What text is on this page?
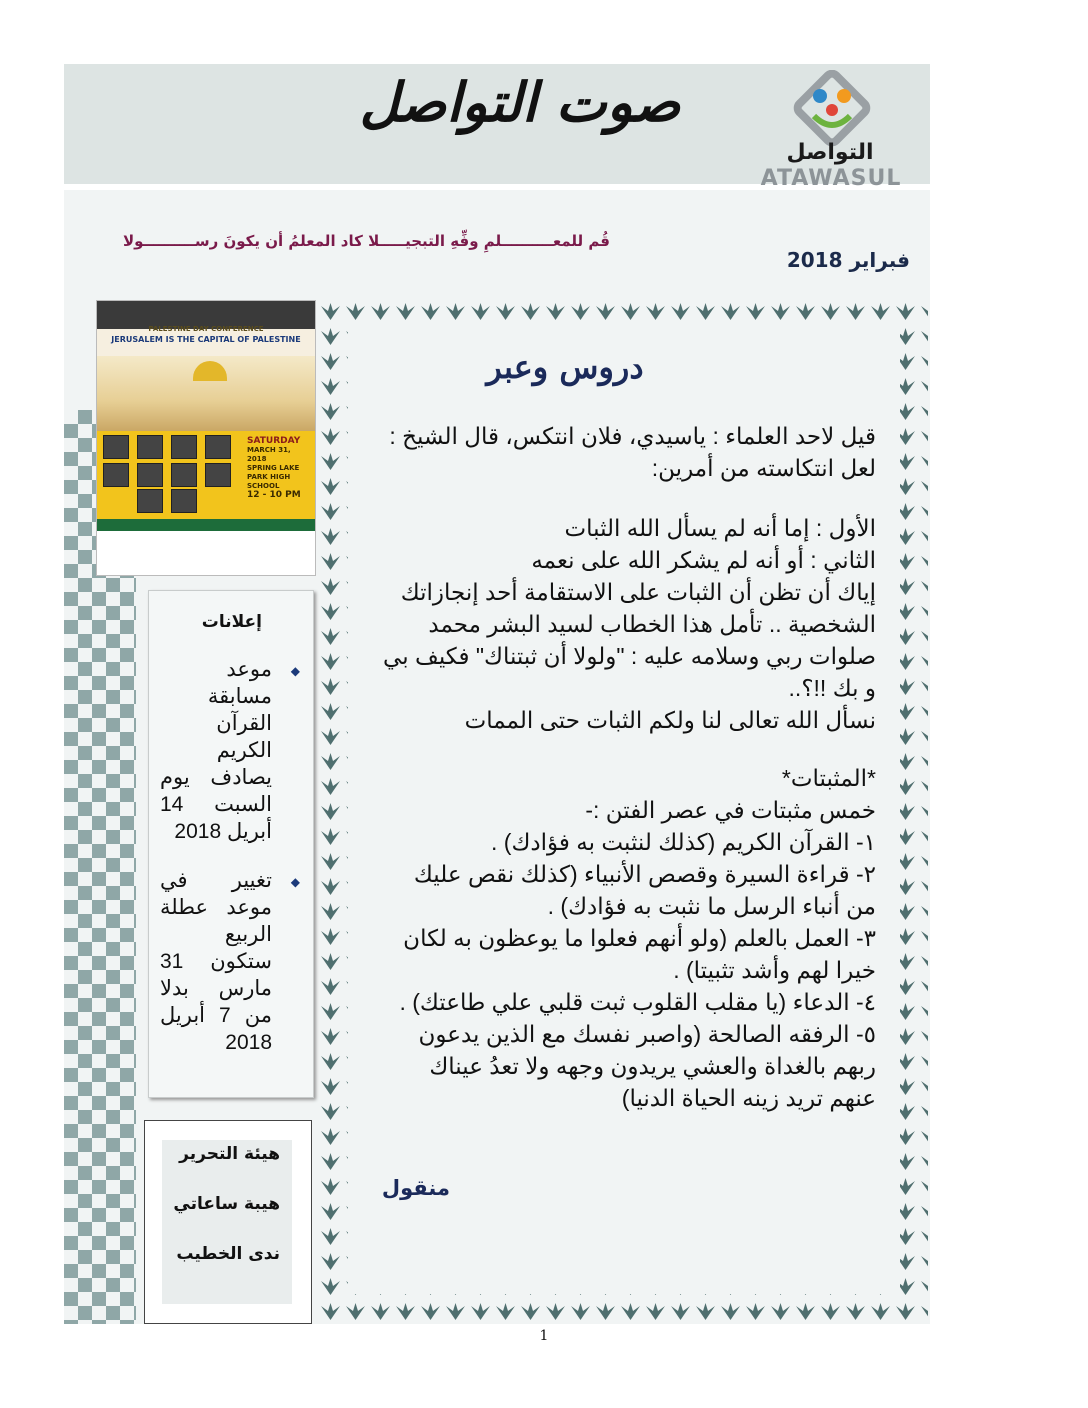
صوت التواصل
التواصل
ATAWASUL
قُم للمعــــــــــلمِ وفِّهِ التبجيـــــلا كاد المعلمُ أن يكونَ رســــــــــولا
فبراير 2018
PALESTINE DAY CONFERENCE
JERUSALEM IS THE CAPITAL OF PALESTINE
SATURDAY
MARCH 31, 2018
SPRING LAKE PARK HIGH SCHOOL
12 - 10 PM
إعلانات
◆
موعد مسابقة القرآن الكريم يصادف يوم السبت 14 أبريل 2018
◆
تغيير في موعد عطلة الربيع ستكون 31 مارس بدلا من 7 أبريل 2018
هيئة التحرير
هيبة ساعاتي
ندى الخطيب
دروس وعبر

قيل لاحد العلماء : ياسيدي، فلان انتكس، قال الشيخ : لعل انتكاسته من أمرين:

الأول : إما أنه لم يسأل الله الثبات

الثاني : أو أنه لم يشكر الله على نعمه

إياك أن تظن أن الثبات على الاستقامة أحد إنجازاتك الشخصية .. تأمل هذا الخطاب لسيد البشر محمد صلوات ربي وسلامه عليه : "ولولا أن ثبتناك" فكيف بي و بك !!؟..

نسأل الله تعالى لنا ولكم الثبات حتى الممات

*المثبتات*

خمس مثبتات في عصر الفتن :-

١- القرآن الكريم (كذلك لنثبت به فؤادك) .

٢- قراءة السيرة وقصص الأنبياء (كذلك نقص عليك من أنباء الرسل ما نثبت به فؤادك) .

٣- العمل بالعلم (ولو أنهم فعلوا ما يوعظون به لكان خيرا لهم وأشد تثبيتا) .

٤- الدعاء (يا مقلب القلوب ثبت قلبي علي طاعتك) .

٥- الرفقه الصالحة (واصبر نفسك مع الذين يدعون ربهم بالغداة والعشي يريدون وجهه ولا تعدُ عيناك عنهم تريد زينه الحياة الدنيا)

منقول
1
